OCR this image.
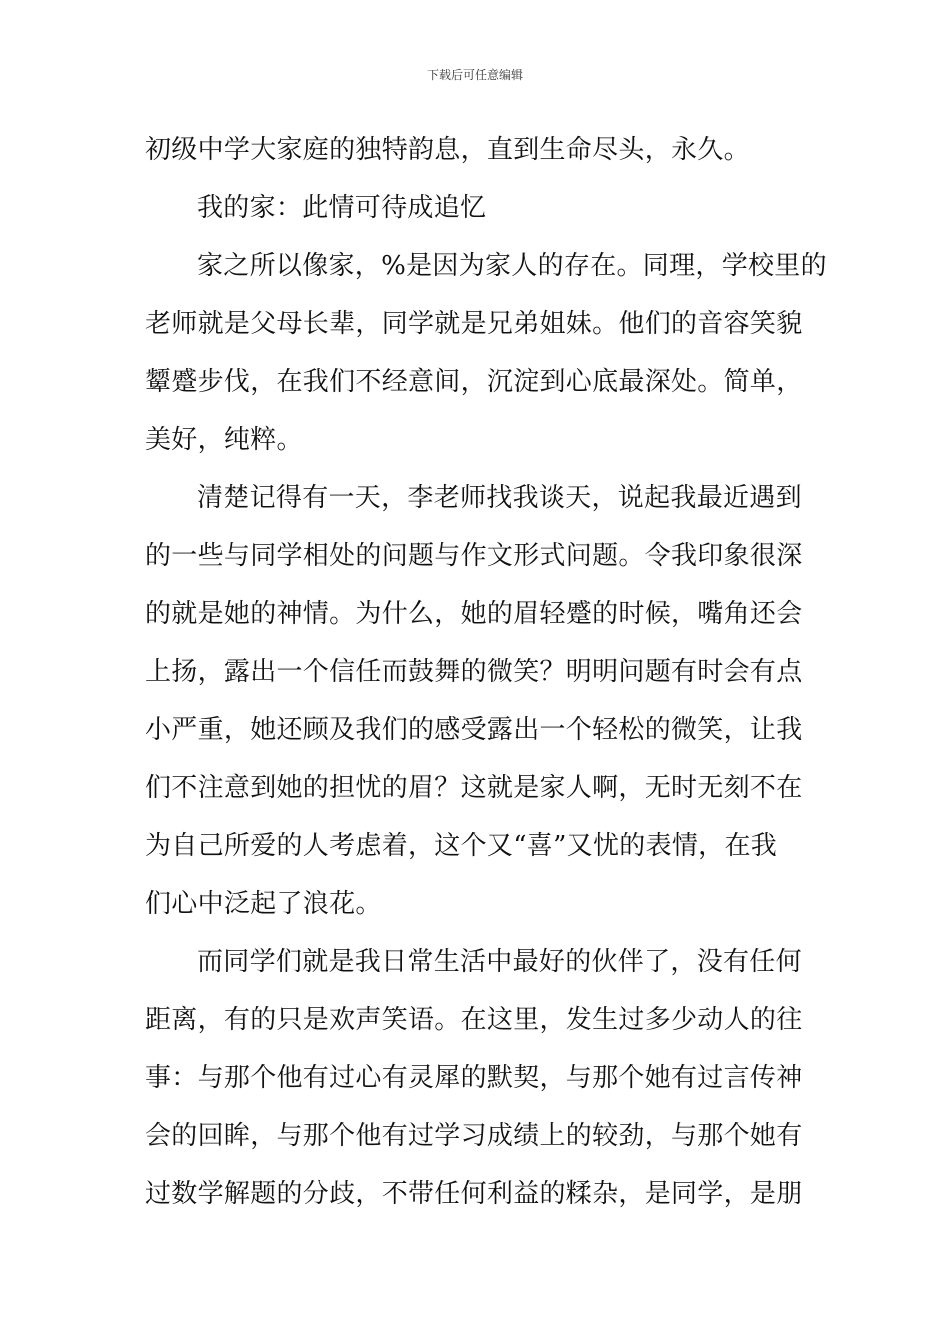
下载后可任意编辑
初级中学大家庭的独特韵息，直到生命尽头，永久。
我的家：此情可待成追忆
家之所以像家，%是因为家人的存在。同理，学校里的
老师就是父母长辈，同学就是兄弟姐妹。他们的音容笑貌
颦蹙步伐，在我们不经意间，沉淀到心底最深处。简单，
美好，纯粹。
清楚记得有一天，李老师找我谈天，说起我最近遇到
的一些与同学相处的问题与作文形式问题。令我印象很深
的就是她的神情。为什么，她的眉轻蹙的时候，嘴角还会
上扬，露出一个信任而鼓舞的微笑？明明问题有时会有点
小严重，她还顾及我们的感受露出一个轻松的微笑，让我
们不注意到她的担忧的眉？这就是家人啊，无时无刻不在
为自己所爱的人考虑着，这个又“喜”又忧的表情，在我
们心中泛起了浪花。
而同学们就是我日常生活中最好的伙伴了，没有任何
距离，有的只是欢声笑语。在这里，发生过多少动人的往
事：与那个他有过心有灵犀的默契，与那个她有过言传神
会的回眸，与那个他有过学习成绩上的较劲，与那个她有
过数学解题的分歧，不带任何利益的糅杂，是同学，是朋
